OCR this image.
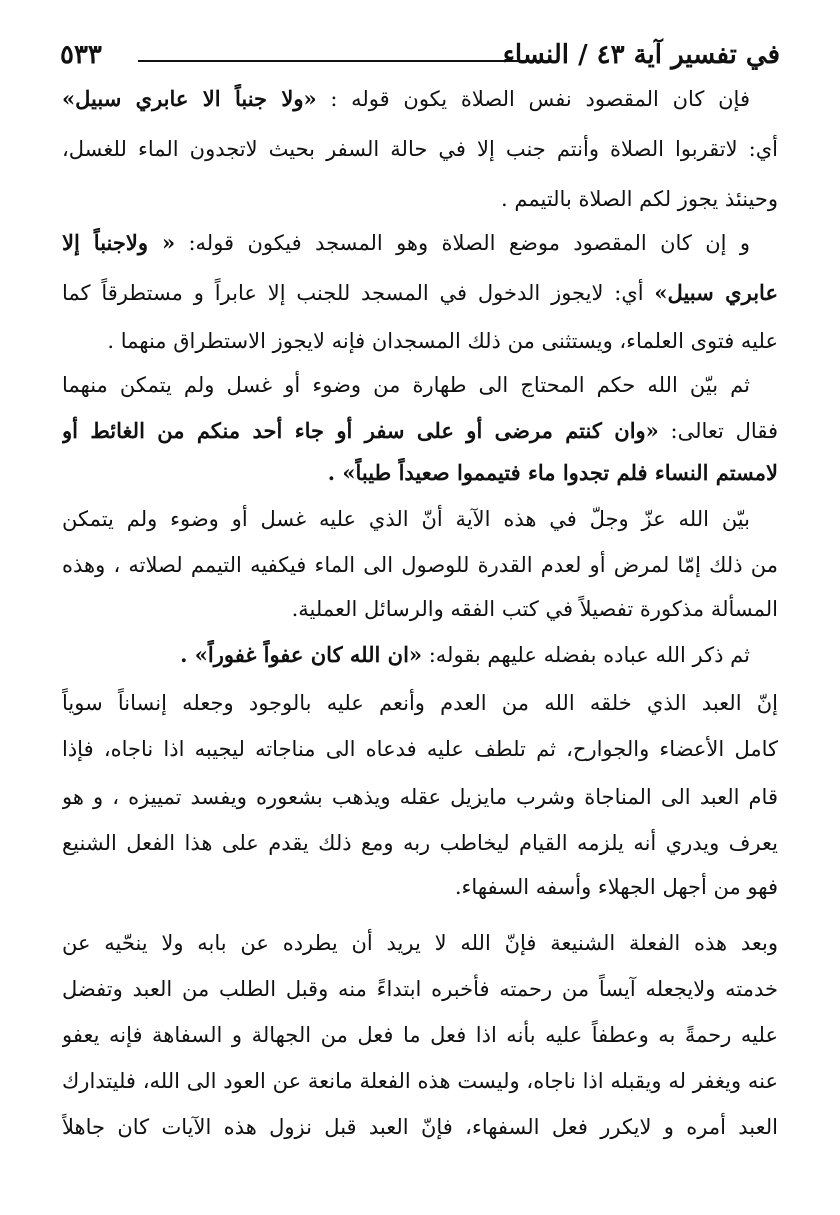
في تفسير آية ٤٣ / النساء
٥٣٣
فإن كان المقصود نفس الصلاة يكون قوله : «ولا جنباً الا عابري سبيل»
أي: لاتقربوا الصلاة وأنتم جنب إلا في حالة السفر بحيث لاتجدون الماء للغسل،
وحينئذ يجوز لكم الصلاة بالتيمم .
و إن كان المقصود موضع الصلاة وهو المسجد فيكون قوله: « ولاجنباً إلا
عابري سبيل» أي: لايجوز الدخول في المسجد للجنب إلا عابراً و مستطرقاً كما
عليه فتوى العلماء، ويستثنى من ذلك المسجدان فإنه لايجوز الاستطراق منهما .
ثم بيّن الله حكم المحتاج الى طهارة من وضوء أو غسل ولم يتمكن منهما
فقال تعالى: «وان كنتم مرضى أو على سفر أو جاء أحد منكم من الغائط أو
لامستم النساء فلم تجدوا ماء فتيمموا صعيداً طيباً» .
بيّن الله عزّ وجلّ في هذه الآية أنّ الذي عليه غسل أو وضوء ولم يتمكن
من ذلك إمّا لمرض أو لعدم القدرة للوصول الى الماء فيكفيه التيمم لصلاته ، وهذه
المسألة مذكورة تفصيلاً في كتب الفقه والرسائل العملية.
ثم ذكر الله عباده بفضله عليهم بقوله: «ان الله كان عفواً غفوراً» .
إنّ العبد الذي خلقه الله من العدم وأنعم عليه بالوجود وجعله إنساناً سوياً
كامل الأعضاء والجوارح، ثم تلطف عليه فدعاه الى مناجاته ليجيبه اذا ناجاه، فإذا
قام العبد الى المناجاة وشرب مايزيل عقله ويذهب بشعوره ويفسد تمييزه ، و هو
يعرف ويدري أنه يلزمه القيام ليخاطب ربه ومع ذلك يقدم على هذا الفعل الشنيع
فهو من أجهل الجهلاء وأسفه السفهاء.
وبعد هذه الفعلة الشنيعة فإنّ الله لا يريد أن يطرده عن بابه ولا ينحّيه عن
خدمته ولايجعله آيساً من رحمته فأخبره ابتداءً منه وقبل الطلب من العبد وتفضل
عليه رحمةً به وعطفاً عليه بأنه اذا فعل ما فعل من الجهالة و السفاهة فإنه يعفو
عنه ويغفر له ويقبله اذا ناجاه، وليست هذه الفعلة مانعة عن العود الى الله، فليتدارك
العبد أمره و لايكرر فعل السفهاء، فإنّ العبد قبل نزول هذه الآيات كان جاهلاً
